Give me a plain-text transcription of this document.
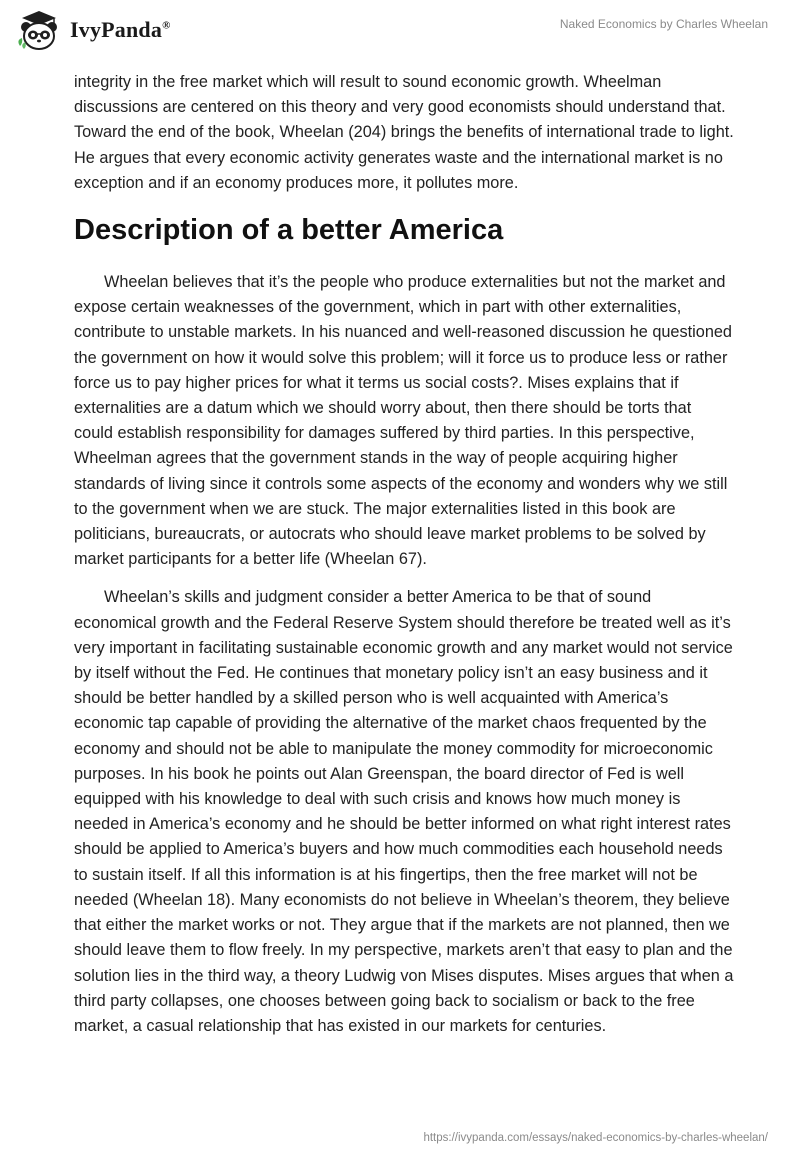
IvyPanda®	Naked Economics by Charles Wheelan

integrity in the free market which will result to sound economic growth. Wheelman discussions are centered on this theory and very good economists should understand that. Toward the end of the book, Wheelan (204) brings the benefits of international trade to light. He argues that every economic activity generates waste and the international market is no exception and if an economy produces more, it pollutes more.

Description of a better America

Wheelan believes that it’s the people who produce externalities but not the market and expose certain weaknesses of the government, which in part with other externalities, contribute to unstable markets. In his nuanced and well-reasoned discussion he questioned the government on how it would solve this problem; will it force us to produce less or rather force us to pay higher prices for what it terms us social costs?. Mises explains that if externalities are a datum which we should worry about, then there should be torts that could establish responsibility for damages suffered by third parties. In this perspective, Wheelman agrees that the government stands in the way of people acquiring higher standards of living since it controls some aspects of the economy and wonders why we still to the government when we are stuck. The major externalities listed in this book are politicians, bureaucrats, or autocrats who should leave market problems to be solved by market participants for a better life (Wheelan 67).

Wheelan’s skills and judgment consider a better America to be that of sound economical growth and the Federal Reserve System should therefore be treated well as it’s very important in facilitating sustainable economic growth and any market would not service by itself without the Fed. He continues that monetary policy isn’t an easy business and it should be better handled by a skilled person who is well acquainted with America’s economic tap capable of providing the alternative of the market chaos frequented by the economy and should not be able to manipulate the money commodity for microeconomic purposes. In his book he points out Alan Greenspan, the board director of Fed is well equipped with his knowledge to deal with such crisis and knows how much money is needed in America’s economy and he should be better informed on what right interest rates should be applied to America’s buyers and how much commodities each household needs to sustain itself. If all this information is at his fingertips, then the free market will not be needed (Wheelan 18). Many economists do not believe in Wheelan’s theorem, they believe that either the market works or not. They argue that if the markets are not planned, then we should leave them to flow freely. In my perspective, markets aren’t that easy to plan and the solution lies in the third way, a theory Ludwig von Mises disputes. Mises argues that when a third party collapses, one chooses between going back to socialism or back to the free market, a casual relationship that has existed in our markets for centuries.

https://ivypanda.com/essays/naked-economics-by-charles-wheelan/
